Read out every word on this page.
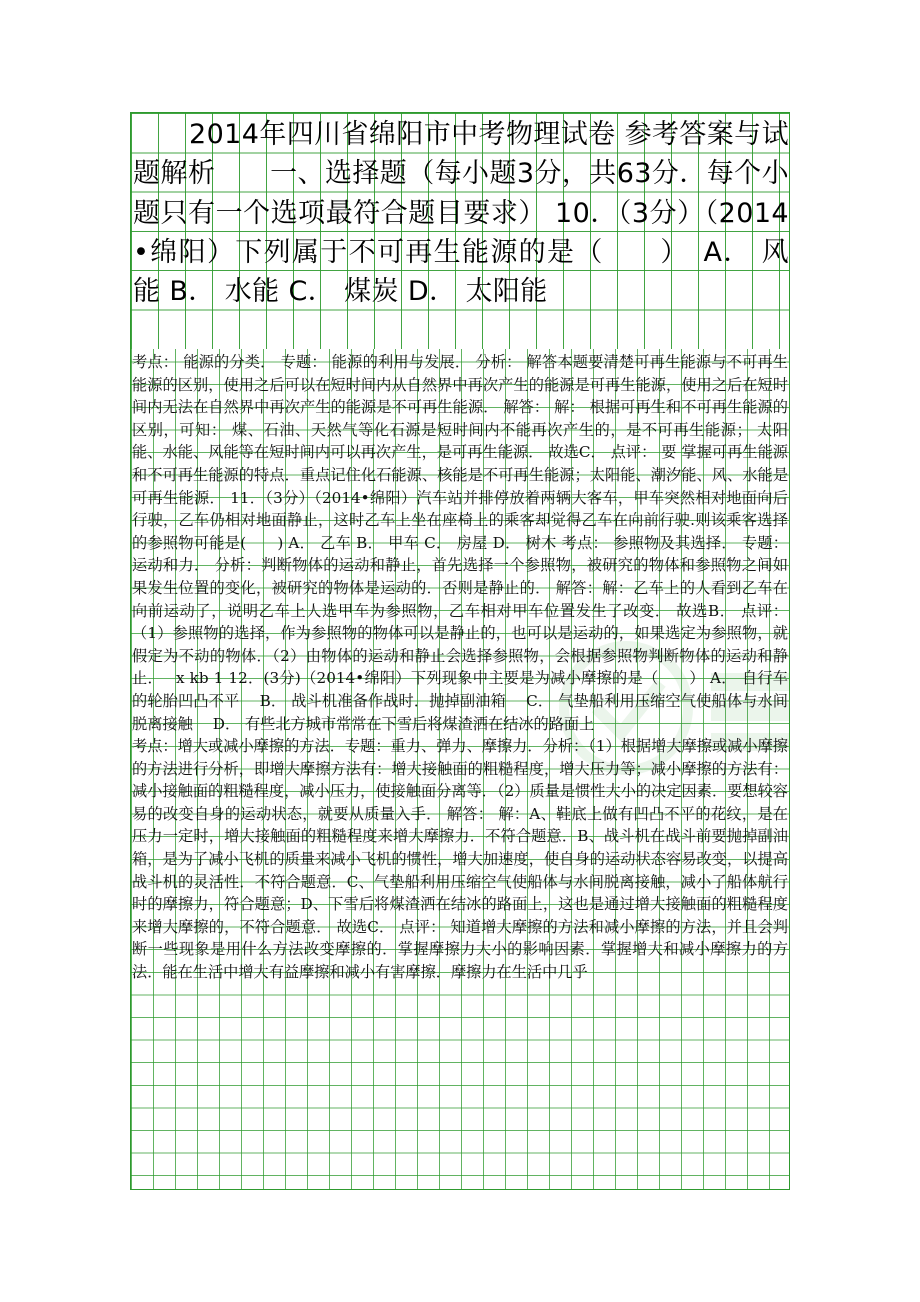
2014年四川省绵阳市中考物理试卷 参考答案与试题解析　　一、选择题（每小题3分，共63分．每个小题只有一个选项最符合题目要求） 10．（3分）（2014•绵阳）下列属于不可再生能源的是（　　）　A． 风能 B． 水能 C． 煤炭 D． 太阳能

考点： 能源的分类． 专题： 能源的利用与发展． 分析： 解答本题要清楚可再生能源与不可再生能源的区别，使用之后可以在短时间内从自然界中再次产生的能源是可再生能源，使用之后在短时间内无法在自然界中再次产生的能源是不可再生能源． 解答： 解： 根据可再生和不可再生能源的区别，可知： 煤、石油、天然气等化石源是短时间内不能再次产生的，是不可再生能源； 太阳能、水能、风能等在短时间内可以再次产生，是可再生能源． 故选C． 点评： 要 掌握可再生能源和不可再生能源的特点．重点记住化石能源、核能是不可再生能源；太阳能、潮汐能、风、水能是可再生能源． 11．（3分）（2014•绵阳）汽车站并排停放着两辆大客车，甲车突然相对地面向后行驶，乙车仍相对地面静止，这时乙车上坐在座椅上的乘客却觉得乙车在向前行驶.则该乘客选择的参照物可能是(　　) A． 乙车 B． 甲车 C． 房屋 D． 树木 考点： 参照物及其选择． 专题： 运动和力． 分析：判断物体的运动和静止，首先选择一个参照物，被研究的物体和参照物之间如果发生位置的变化，被研究的物体是运动的．否则是静止的． 解答：解：乙车上的人看到乙车在向前运动了，说明乙车上人选甲车为参照物，乙车相对甲车位置发生了改变． 故选B． 点评： （1）参照物的选择，作为参照物的物体可以是静止的，也可以是运动的，如果选定为参照物，就假定为不动的物体．（2）由物体的运动和静止会选择参照物，会根据参照物判断物体的运动和静止．　 x kb 1 12．(3分)（2014•绵阳）下列现象中主要是为减小摩擦的是（　　） A． 自行车的轮胎凹凸不平　 B． 战斗机准备作战时．抛掉副油箱　 C． 气垫船利用压缩空气使船体与水间脱离接触　 D． 有些北方城市常常在下雪后将煤渣洒在结冰的路面上

考点：增大或减小摩擦的方法．专题：重力、弹力、摩擦力．分析：（1）根据增大摩擦或减小摩擦的方法进行分析，即增大摩擦方法有：增大接触面的粗糙程度，增大压力等；减小摩擦的方法有：减小接触面的粗糙程度，减小压力，使接触面分离等．（2）质量是惯性大小的决定因素．要想较容易的改变自身的运动状态，就要从质量入手． 解答： 解：A、鞋底上做有凹凸不平的花纹，是在压力一定时，增大接触面的粗糙程度来增大摩擦力．不符合题意．B、战斗机在战斗前要抛掉副油箱，是为了减小飞机的质量来减小飞机的惯性，增大加速度，使自身的运动状态容易改变，以提高战斗机的灵活性．不符合题意．C、气垫船利用压缩空气使船体与水间脱离接触，减小了船体航行时的摩擦力，符合题意；D、下雪后将煤渣洒在结冰的路面上，这也是通过增大接触面的粗糙程度来增大摩擦的，不符合题意． 故选C． 点评： 知道增大摩擦的方法和减小摩擦的方法，并且会判断一些现象是用什么方法改变摩擦的．掌握摩擦力大小的影响因素．掌握增大和减小摩擦力的方法．能在生活中增大有益摩擦和减小有害摩擦．摩擦力在生活中几乎
